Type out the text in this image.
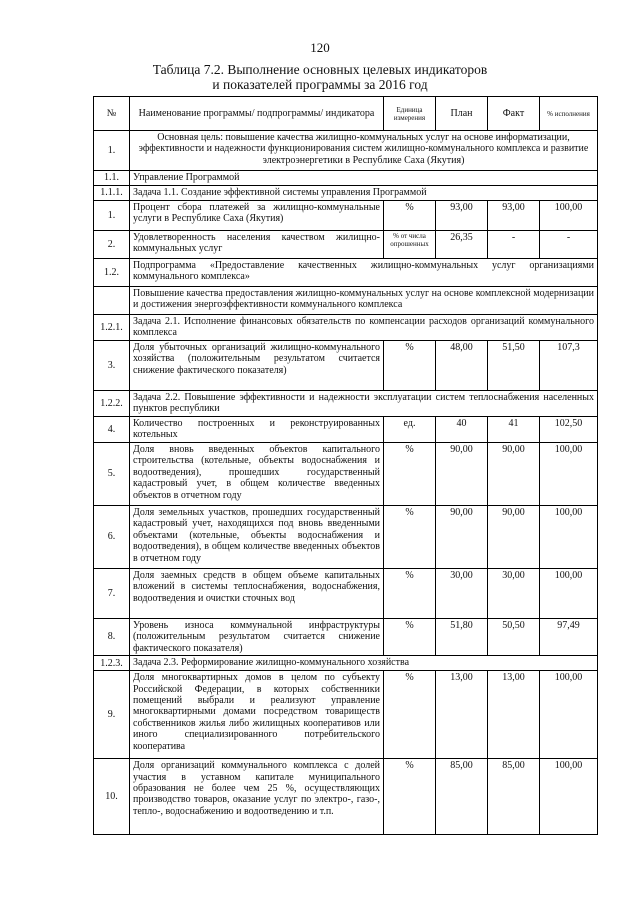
120
Таблица 7.2. Выполнение основных целевых индикаторов
и показателей программы за 2016 год
№	Наименование программы/ подпрограммы/ индикатора	Единица измерения	План	Факт	% исполнения
1.	Основная цель: повышение качества жилищно-коммунальных услуг на основе информатизации, эффективности и надежности функционирования систем жилищно-коммунального комплекса и развитие электроэнергетики в Республике Саха (Якутия)				
1.1.	Управление Программой				
1.1.1.	Задача 1.1. Создание эффективной системы управления Программой				
1.	Процент сбора платежей за жилищно-коммунальные услуги в Республике Саха (Якутия)	%	93,00	93,00	100,00
2.	Удовлетворенность населения качеством жилищно-коммунальных услуг	% от числа опрошенных	26,35	-	-
1.2.	Подпрограмма «Предоставление качественных жилищно-коммунальных услуг организациями коммунального комплекса»				
	Повышение качества предоставления жилищно-коммунальных услуг на основе комплексной модернизации и достижения энергоэффективности коммунального комплекса				
1.2.1.	Задача 2.1. Исполнение финансовых обязательств по компенсации расходов организаций коммунального комплекса				
3.	Доля убыточных организаций жилищно-коммунального хозяйства (положительным результатом считается снижение фактического показателя)	%	48,00	51,50	107,3
1.2.2.	Задача 2.2. Повышение эффективности и надежности эксплуатации систем теплоснабжения населенных пунктов республики				
4.	Количество построенных и реконструированных котельных	ед.	40	41	102,50
5.	Доля вновь введенных объектов капитального строительства (котельные, объекты водоснабжения и водоотведения), прошедших государственный кадастровый учет, в общем количестве введенных объектов в отчетном году	%	90,00	90,00	100,00
6.	Доля земельных участков, прошедших государственный кадастровый учет, находящихся под вновь введенными объектами (котельные, объекты водоснабжения и водоотведения), в общем количестве введенных объектов в отчетном году	%	90,00	90,00	100,00
7.	Доля заемных средств в общем объеме капитальных вложений в системы теплоснабжения, водоснабжения, водоотведения и очистки сточных вод	%	30,00	30,00	100,00
8.	Уровень износа коммунальной инфраструктуры (положительным результатом считается снижение фактического показателя)	%	51,80	50,50	97,49
1.2.3.	Задача 2.3. Реформирование жилищно-коммунального хозяйства				
9.	Доля многоквартирных домов в целом по субъекту Российской Федерации, в которых собственники помещений выбрали и реализуют управление многоквартирными домами посредством товариществ собственников жилья либо жилищных кооперативов или иного специализированного потребительского кооператива	%	13,00	13,00	100,00
10.	Доля организаций коммунального комплекса с долей участия в уставном капитале муниципального образования не более чем 25 %, осуществляющих производство товаров, оказание услуг по электро-, газо-, тепло-, водоснабжению и водоотведению и т.п.	%	85,00	85,00	100,00
